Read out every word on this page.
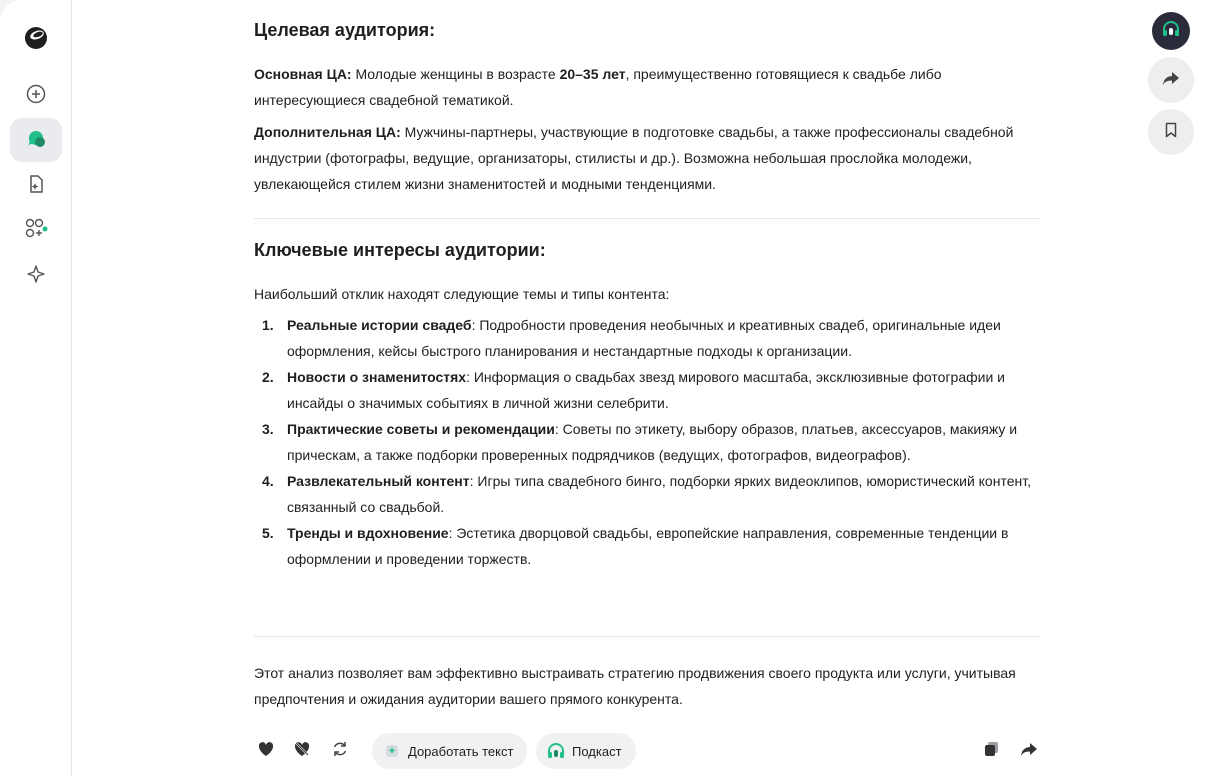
Целевая аудитория:

Основная ЦА: Молодые женщины в возрасте 20–35 лет, преимущественно готовящиеся к свадьбе либо интересующиеся свадебной тематикой.

Дополнительная ЦА: Мужчины-партнеры, участвующие в подготовке свадьбы, а также профессионалы свадебной индустрии (фотографы, ведущие, организаторы, стилисты и др.). Возможна небольшая прослойка молодежи, увлекающейся стилем жизни знаменитостей и модными тенденциями.

Ключевые интересы аудитории:

Наибольший отклик находят следующие темы и типы контента:

1. Реальные истории свадеб: Подробности проведения необычных и креативных свадеб, оригинальные идеи оформления, кейсы быстрого планирования и нестандартные подходы к организации.
2. Новости о знаменитостях: Информация о свадьбах звезд мирового масштаба, эксклюзивные фотографии и инсайды о значимых событиях в личной жизни селебрити.
3. Практические советы и рекомендации: Советы по этикету, выбору образов, платьев, аксессуаров, макияжу и прическам, а также подборки проверенных подрядчиков (ведущих, фотографов, видеографов).
4. Развлекательный контент: Игры типа свадебного бинго, подборки ярких видеоклипов, юмористический контент, связанный со свадьбой.
5. Тренды и вдохновение: Эстетика дворцовой свадьбы, европейские направления, современные тенденции в оформлении и проведении торжеств.

Этот анализ позволяет вам эффективно выстраивать стратегию продвижения своего продукта или услуги, учитывая предпочтения и ожидания аудитории вашего прямого конкурента.

Доработать текст	Подкаст
